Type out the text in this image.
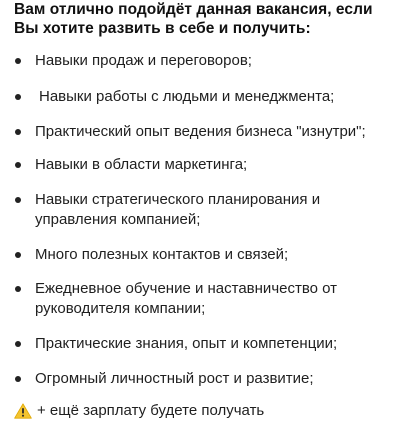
Вам отлично подойдёт данная вакансия, если Вы хотите развить в себе и получить:

Навыки продаж и переговоров;
Навыки работы с людьми и менеджмента;
Практический опыт ведения бизнеса "изнутри";
Навыки в области маркетинга;
Навыки стратегического планирования и управления компанией;
Много полезных контактов и связей;
Ежедневное обучение и наставничество от руководителя компании;
Практические знания, опыт и компетенции;
Огромный личностный рост и развитие;
+ ещё зарплату будете получать
